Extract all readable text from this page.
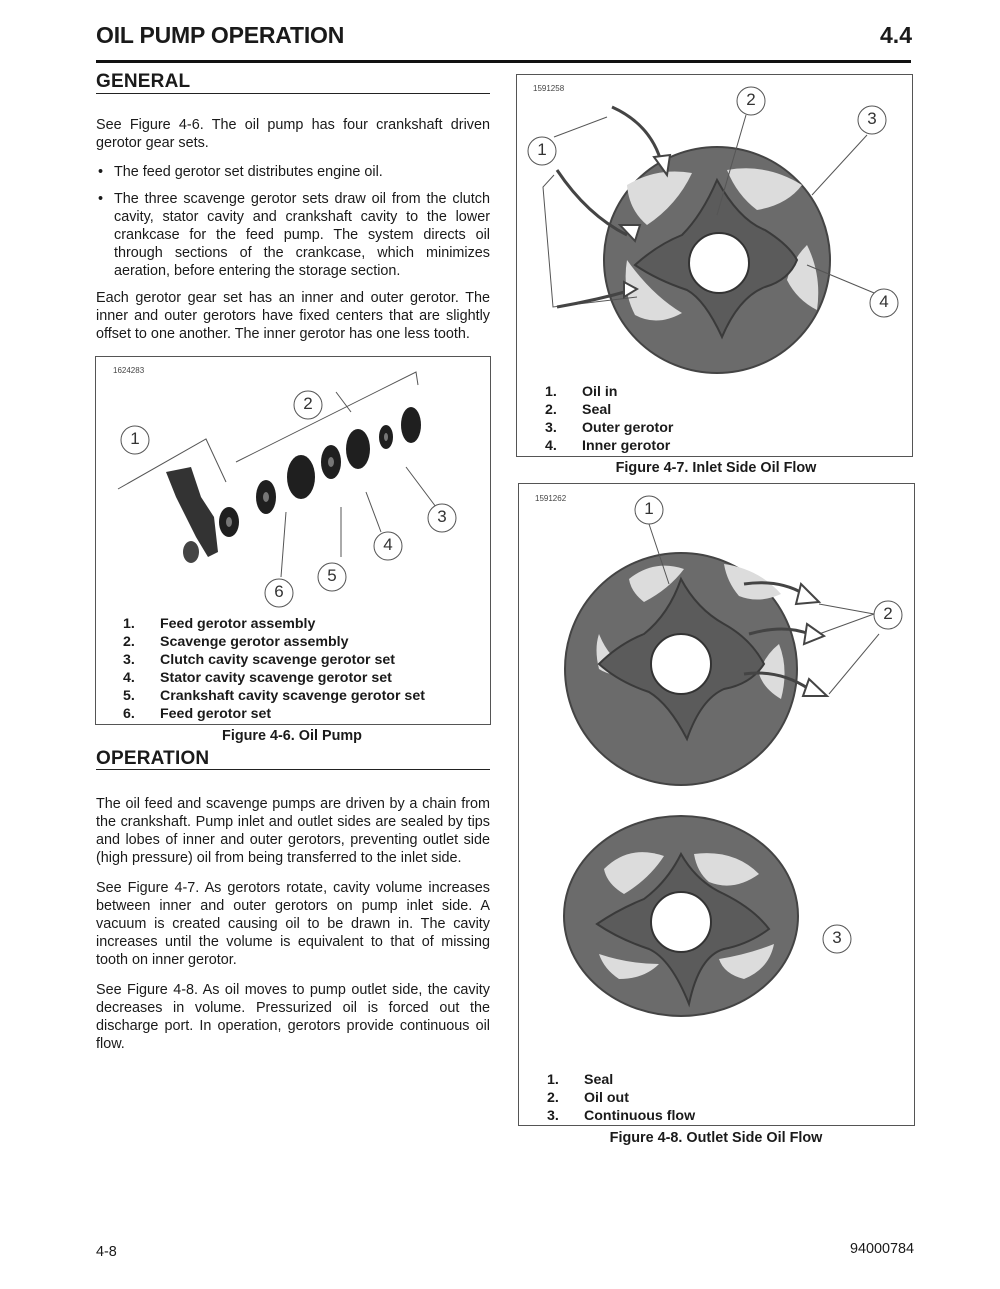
OIL PUMP OPERATION	4.4
GENERAL

See Figure 4-6. The oil pump has four crankshaft driven gerotor gear sets.

• The feed gerotor set distributes engine oil.
• The three scavenge gerotor sets draw oil from the clutch cavity, stator cavity and crankshaft cavity to the lower crankcase for the feed pump. The system directs oil through sections of the crankcase, which minimizes aeration, before entering the storage section.

Each gerotor gear set has an inner and outer gerotor. The inner and outer gerotors have fixed centers that are slightly offset to one another. The inner gerotor has one less tooth.

1624283
1
2
3
4
5
6
1.	Feed gerotor assembly
2.	Scavenge gerotor assembly
3.	Clutch cavity scavenge gerotor set
4.	Stator cavity scavenge gerotor set
5.	Crankshaft cavity scavenge gerotor set
6.	Feed gerotor set
Figure 4-6. Oil Pump
OPERATION

The oil feed and scavenge pumps are driven by a chain from the crankshaft. Pump inlet and outlet sides are sealed by tips and lobes of inner and outer gerotors, preventing outlet side (high pressure) oil from being transferred to the inlet side.

See Figure 4-7. As gerotors rotate, cavity volume increases between inner and outer gerotors on pump inlet side. A vacuum is created causing oil to be drawn in. The cavity increases until the volume is equivalent to that of missing tooth on inner gerotor.

See Figure 4-8. As oil moves to pump outlet side, the cavity decreases in volume. Pressurized oil is forced out the discharge port. In operation, gerotors provide continuous oil flow.

1591258
1
2
3
4
1.	Oil in
2.	Seal
3.	Outer gerotor
4.	Inner gerotor
Figure 4-7. Inlet Side Oil Flow
1591262
1
2
3
1.	Seal
2.	Oil out
3.	Continuous flow
Figure 4-8. Outlet Side Oil Flow
4-8	94000784
